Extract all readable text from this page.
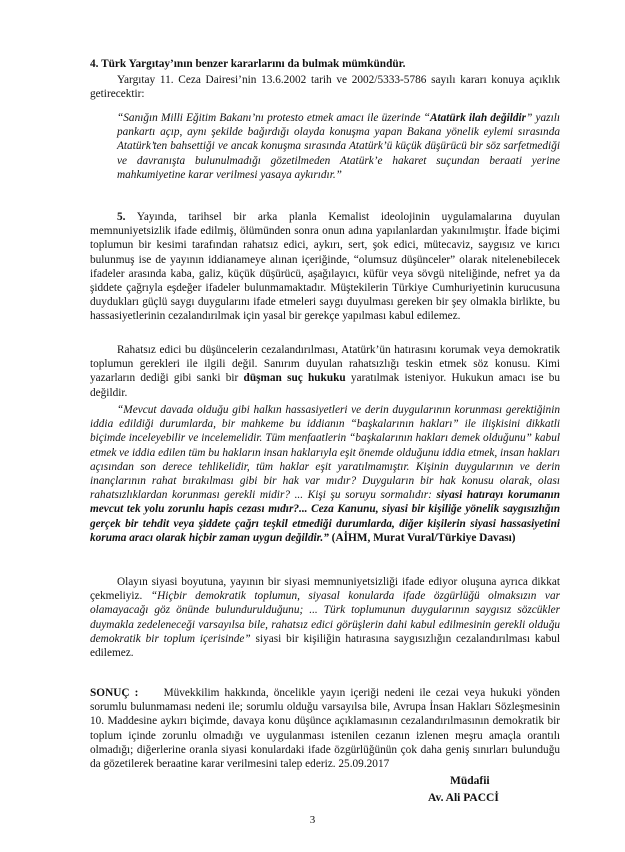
4. Türk Yargıtay’ının benzer kararlarını da bulmak mümkündür.

Yargıtay 11. Ceza Dairesi’nin 13.6.2002 tarih ve 2002/5333-5786 sayılı kararı konuya açıklık getirecektir:

“Sanığın Milli Eğitim Bakanı’nı protesto etmek amacı ile üzerinde “Atatürk ilah değildir” yazılı pankartı açıp, aynı şekilde bağırdığı olayda konuşma yapan Bakana yönelik eylemi sırasında Atatürk’ten bahsettiği ve ancak konuşma sırasında Atatürk’ü küçük düşürücü bir söz sarfetmediği ve davranışta bulunulmadığı gözetilmeden Atatürk’e hakaret suçundan beraati yerine mahkumiyetine karar verilmesi yasaya aykırıdır.”

5. Yayında, tarihsel bir arka planla Kemalist ideolojinin uygulamalarına duyulan memnuniyetsizlik ifade edilmiş, ölümünden sonra onun adına yapılanlardan yakınılmıştır. İfade biçimi toplumun bir kesimi tarafından rahatsız edici, aykırı, sert, şok edici, mütecaviz, saygısız ve kırıcı bulunmuş ise de yayının iddianameye alınan içeriğinde, “olumsuz düşünceler” olarak nitelenebilecek ifadeler arasında kaba, galiz, küçük düşürücü, aşağılayıcı, küfür veya sövgü niteliğinde, nefret ya da şiddete çağrıyla eşdeğer ifadeler bulunmamaktadır. Müştekilerin Türkiye Cumhuriyetinin kurucusuna duydukları güçlü saygı duygularını ifade etmeleri saygı duyulması gereken bir şey olmakla birlikte, bu hassasiyetlerinin cezalandırılmak için yasal bir gerekçe yapılması kabul edilemez.

Rahatsız edici bu düşüncelerin cezalandırılması, Atatürk’ün hatırasını korumak veya demokratik toplumun gerekleri ile ilgili değil. Sanırım duyulan rahatsızlığı teskin etmek söz konusu. Kimi yazarların dediği gibi sanki bir düşman suç hukuku yaratılmak isteniyor. Hukukun amacı ise bu değildir.

“Mevcut davada olduğu gibi halkın hassasiyetleri ve derin duygularının korunması gerektiğinin iddia edildiği durumlarda, bir mahkeme bu iddianın “başkalarının hakları” ile ilişkisini dikkatli biçimde inceleyebilir ve incelemelidir. Tüm menfaatlerin “başkalarının hakları demek olduğunu” kabul etmek ve iddia edilen tüm bu hakların insan haklarıyla eşit önemde olduğunu iddia etmek, insan hakları açısından son derece tehlikelidir, tüm haklar eşit yaratılmamıştır. Kişinin duygularının ve derin inançlarının rahat bırakılması gibi bir hak var mıdır? Duyguların bir hak konusu olarak, olası rahatsızlıklardan korunması gerekli midir? ... Kişi şu soruyu sormalıdır: siyasi hatırayı korumanın mevcut tek yolu zorunlu hapis cezası mıdır?... Ceza Kanunu, siyasi bir kişiliğe yönelik saygısızlığın gerçek bir tehdit veya şiddete çağrı teşkil etmediği durumlarda, diğer kişilerin siyasi hassasiyetini koruma aracı olarak hiçbir zaman uygun değildir.” (AİHM, Murat Vural/Türkiye Davası)

Olayın siyasi boyutuna, yayının bir siyasi memnuniyetsizliği ifade ediyor oluşuna ayrıca dikkat çekmeliyiz. “Hiçbir demokratik toplumun, siyasal konularda ifade özgürlüğü olmaksızın var olamayacağı göz önünde bulundurulduğunu; ... Türk toplumunun duygularının saygısız sözcükler duymakla zedeleneceği varsayılsa bile, rahatsız edici görüşlerin dahi kabul edilmesinin gerekli olduğu demokratik bir toplum içerisinde” siyasi bir kişiliğin hatırasına saygısızlığın cezalandırılması kabul edilemez.

SONUÇ : Müvekkilim hakkında, öncelikle yayın içeriği nedeni ile cezai veya hukuki yönden sorumlu bulunmaması nedeni ile; sorumlu olduğu varsayılsa bile, Avrupa İnsan Hakları Sözleşmesinin 10. Maddesine aykırı biçimde, davaya konu düşünce açıklamasının cezalandırılmasının demokratik bir toplum içinde zorunlu olmadığı ve uygulanması istenilen cezanın izlenen meşru amaçla orantılı olmadığı; diğerlerine oranla siyasi konulardaki ifade özgürlüğünün çok daha geniş sınırları bulunduğu da gözetilerek beraatine karar verilmesini talep ederiz. 25.09.2017

Müdafii
Av. Ali PACCİ
3
